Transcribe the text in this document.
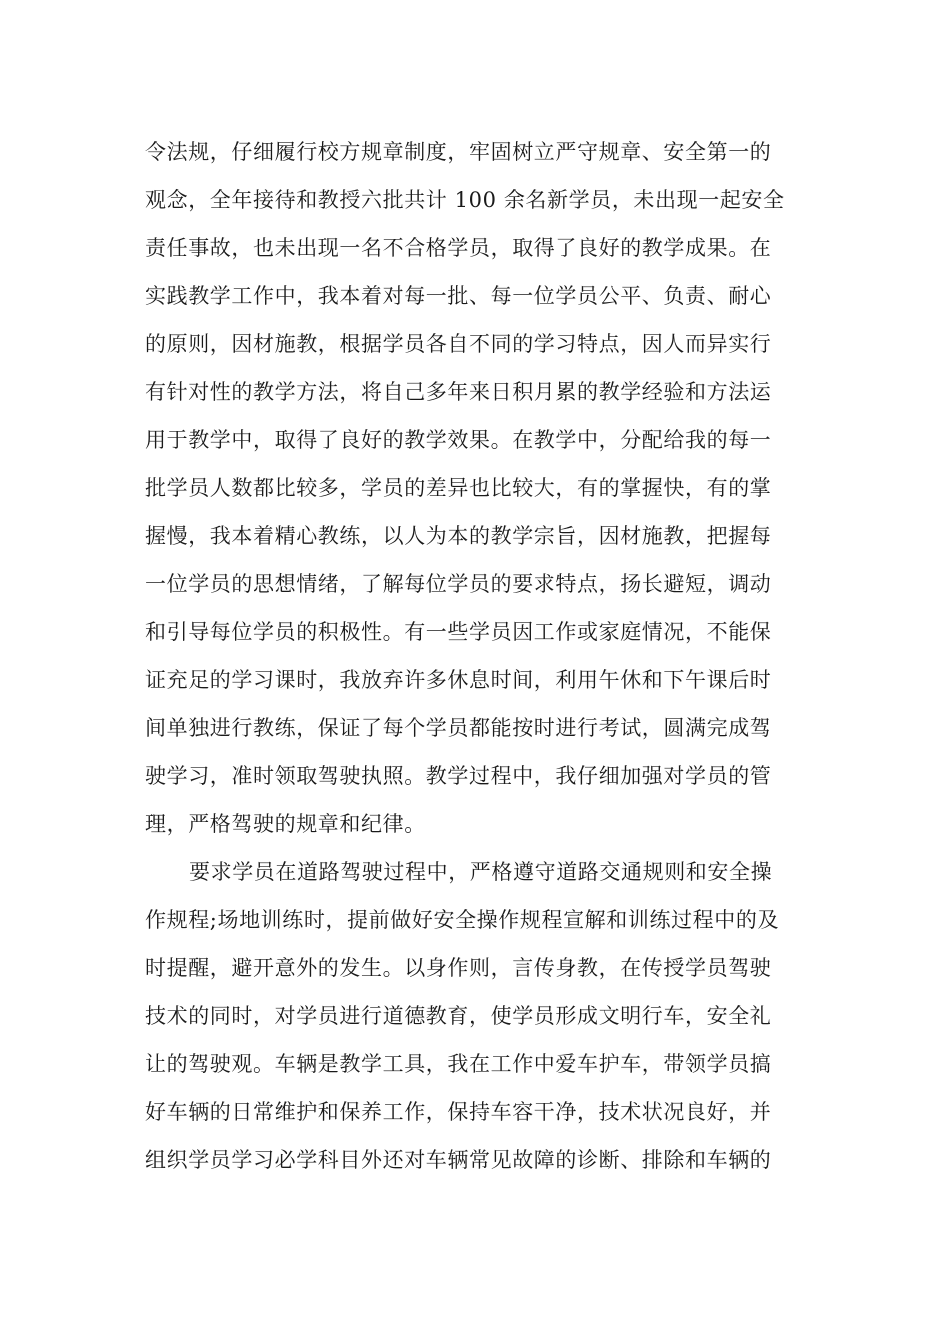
令法规，仔细履行校方规章制度，牢固树立严守规章、安全第一的
观念，全年接待和教授六批共计 100 余名新学员，未出现一起安全
责任事故，也未出现一名不合格学员，取得了良好的教学成果。在
实践教学工作中，我本着对每一批、每一位学员公平、负责、耐心
的原则，因材施教，根据学员各自不同的学习特点，因人而异实行
有针对性的教学方法，将自己多年来日积月累的教学经验和方法运
用于教学中，取得了良好的教学效果。在教学中，分配给我的每一
批学员人数都比较多，学员的差异也比较大，有的掌握快，有的掌
握慢，我本着精心教练，以人为本的教学宗旨，因材施教，把握每
一位学员的思想情绪，了解每位学员的要求特点，扬长避短，调动
和引导每位学员的积极性。有一些学员因工作或家庭情况，不能保
证充足的学习课时，我放弃许多休息时间，利用午休和下午课后时
间单独进行教练，保证了每个学员都能按时进行考试，圆满完成驾
驶学习，准时领取驾驶执照。教学过程中，我仔细加强对学员的管
理，严格驾驶的规章和纪律。
要求学员在道路驾驶过程中，严格遵守道路交通规则和安全操
作规程;场地训练时，提前做好安全操作规程宣解和训练过程中的及
时提醒，避开意外的发生。以身作则，言传身教，在传授学员驾驶
技术的同时，对学员进行道德教育，使学员形成文明行车，安全礼
让的驾驶观。车辆是教学工具，我在工作中爱车护车，带领学员搞
好车辆的日常维护和保养工作，保持车容干净，技术状况良好，并
组织学员学习必学科目外还对车辆常见故障的诊断、排除和车辆的
